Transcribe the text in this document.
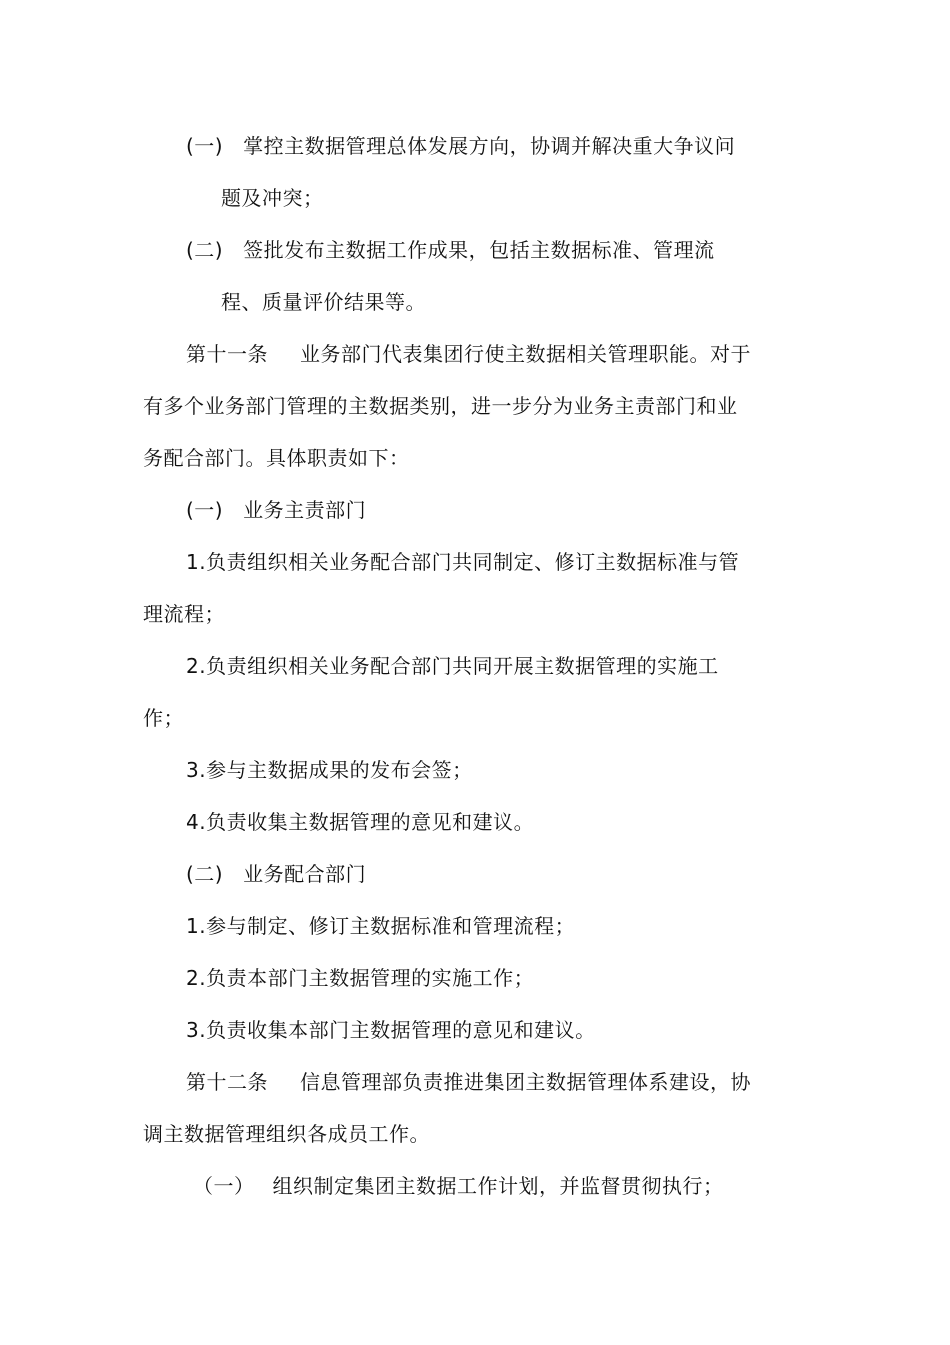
(一) 掌控主数据管理总体发展方向，协调并解决重大争议问
题及冲突；
(二) 签批发布主数据工作成果，包括主数据标准、管理流
程、质量评价结果等。
第十一条 业务部门代表集团行使主数据相关管理职能。对于
有多个业务部门管理的主数据类别，进一步分为业务主责部门和业
务配合部门。具体职责如下：
(一) 业务主责部门
1.负责组织相关业务配合部门共同制定、修订主数据标准与管
理流程；
2.负责组织相关业务配合部门共同开展主数据管理的实施工
作；
3.参与主数据成果的发布会签；
4.负责收集主数据管理的意见和建议。
(二) 业务配合部门
1.参与制定、修订主数据标准和管理流程；
2.负责本部门主数据管理的实施工作；
3.负责收集本部门主数据管理的意见和建议。
第十二条 信息管理部负责推进集团主数据管理体系建设，协
调主数据管理组织各成员工作。
（一） 组织制定集团主数据工作计划，并监督贯彻执行；
